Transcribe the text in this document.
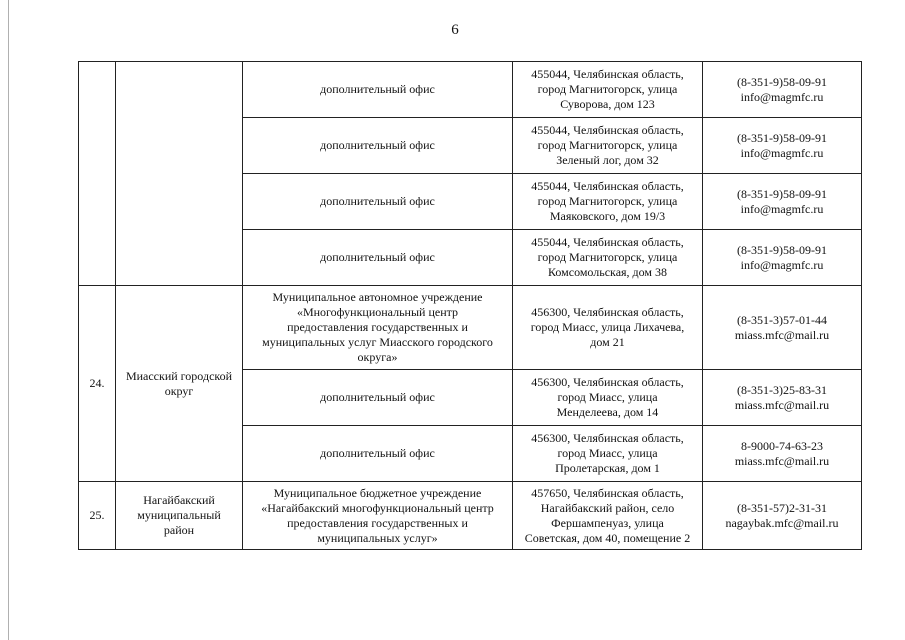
6

		дополнительный офис	455044, Челябинская область,
город Магнитогорск, улица
Суворова, дом 123	(8-351-9)58-09-91
info@magmfc.ru

		дополнительный офис	455044, Челябинская область,
город Магнитогорск, улица
Зеленый лог, дом 32	(8-351-9)58-09-91
info@magmfc.ru

		дополнительный офис	455044, Челябинская область,
город Магнитогорск, улица
Маяковского, дом 19/3	(8-351-9)58-09-91
info@magmfc.ru

		дополнительный офис	455044, Челябинская область,
город Магнитогорск, улица
Комсомольская, дом 38	(8-351-9)58-09-91
info@magmfc.ru

24.	Миасский городской
округ	Муниципальное автономное учреждение
«Многофункциональный центр
предоставления государственных и
муниципальных услуг Миасского городского
округа»	456300, Челябинская область,
город Миасс, улица Лихачева,
дом 21	(8-351-3)57-01-44
miass.mfc@mail.ru

		дополнительный офис	456300, Челябинская область,
город Миасс, улица
Менделеева, дом 14	(8-351-3)25-83-31
miass.mfc@mail.ru

		дополнительный офис	456300, Челябинская область,
город Миасс, улица
Пролетарская, дом 1	8-9000-74-63-23
miass.mfc@mail.ru

25.	Нагайбакский
муниципальный
район	Муниципальное бюджетное учреждение
«Нагайбакский многофункциональный центр
предоставления государственных и
муниципальных услуг»	457650, Челябинская область,
Нагайбакский район, село
Фершампенуаз, улица
Советская, дом 40, помещение 2	(8-351-57)2-31-31
nagaybak.mfc@mail.ru
